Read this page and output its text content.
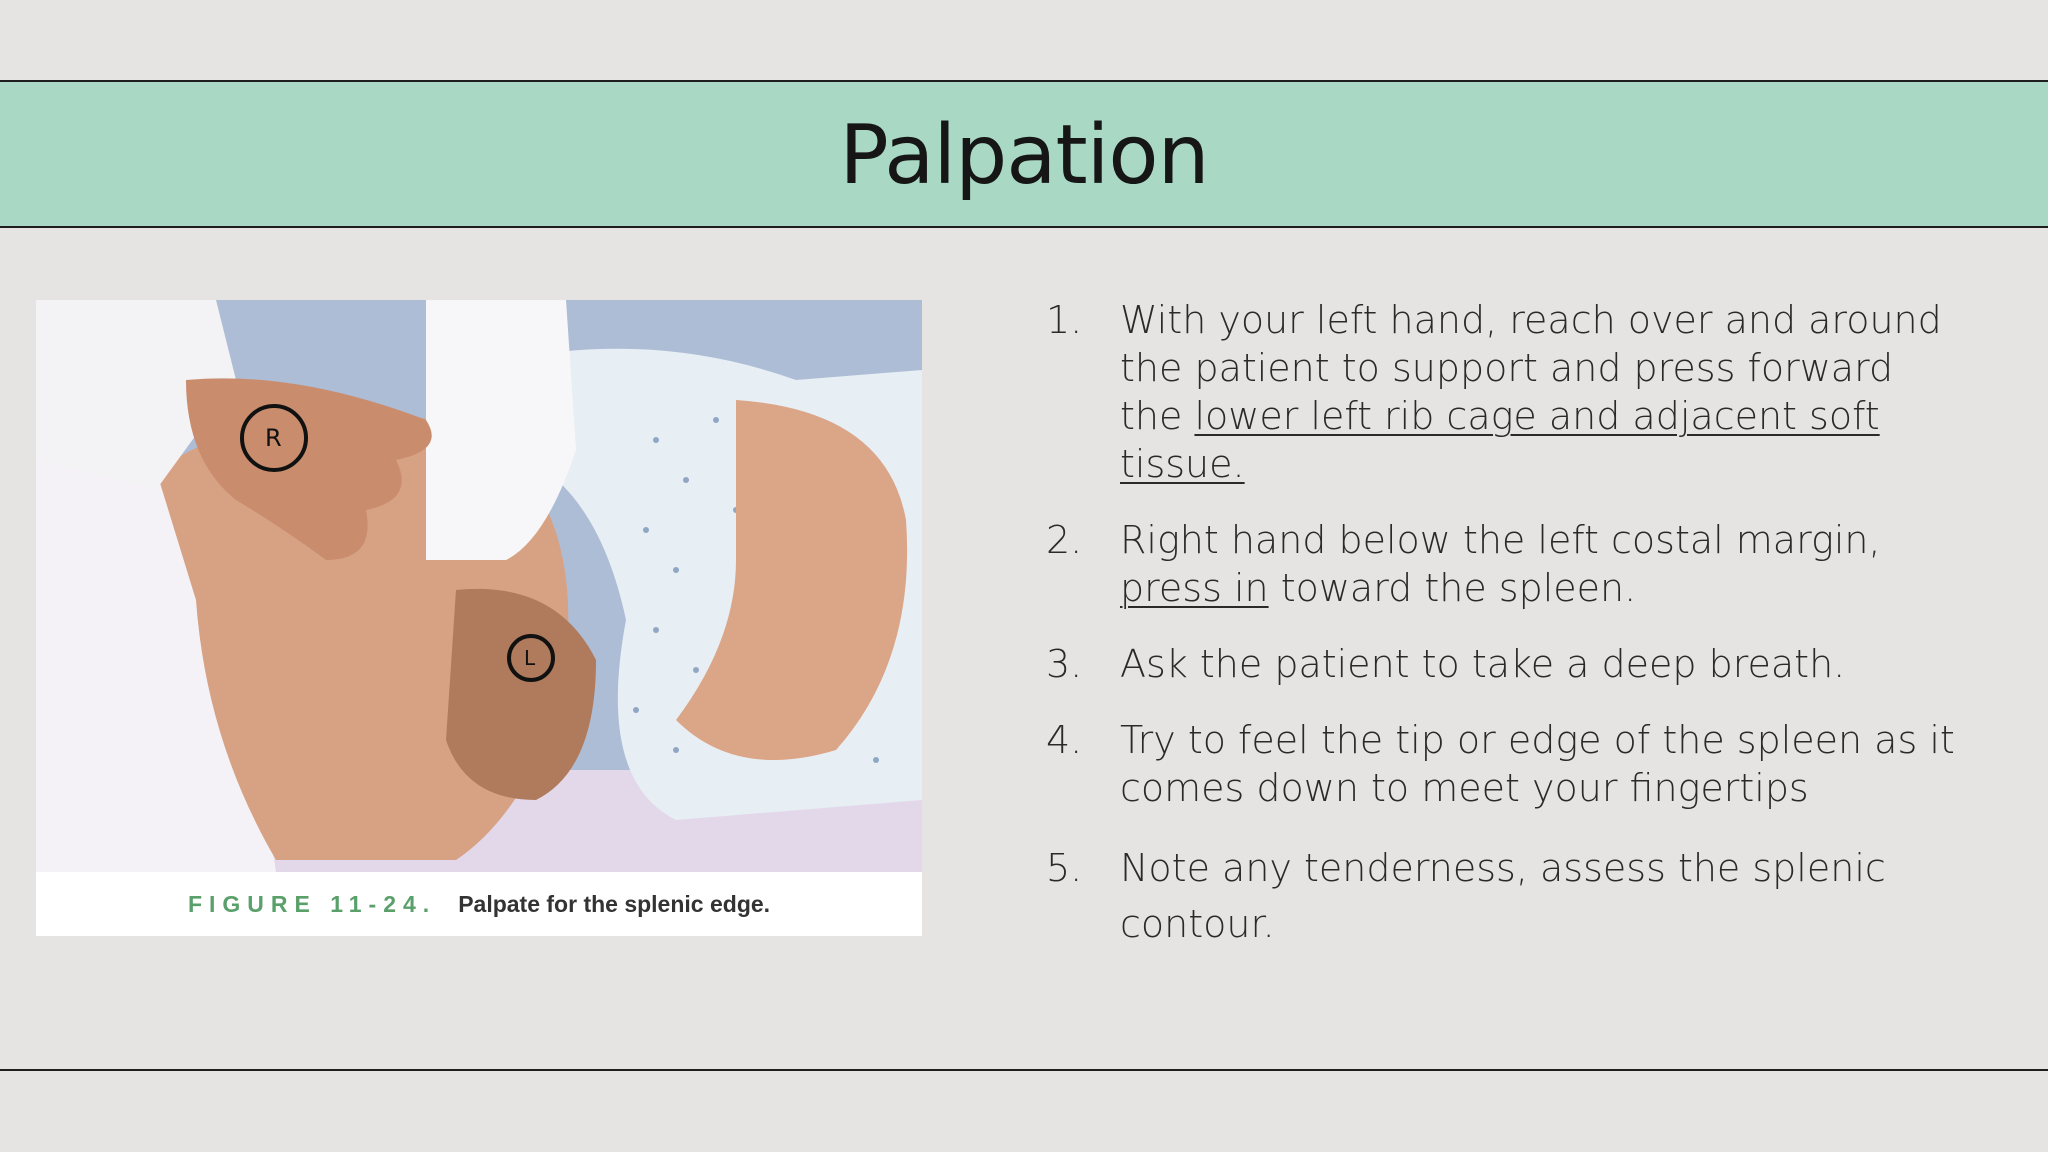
Palpation
R
L
FIGURE 11-24. Palpate for the splenic edge.
1. With your left hand, reach over and around the patient to support and press forward the lower left rib cage and adjacent soft tissue.
2. Right hand below the left costal margin, press in toward the spleen.
3. Ask the patient to take a deep breath.
4. Try to feel the tip or edge of the spleen as it comes down to meet your fingertips
5. Note any tenderness, assess the splenic contour.
